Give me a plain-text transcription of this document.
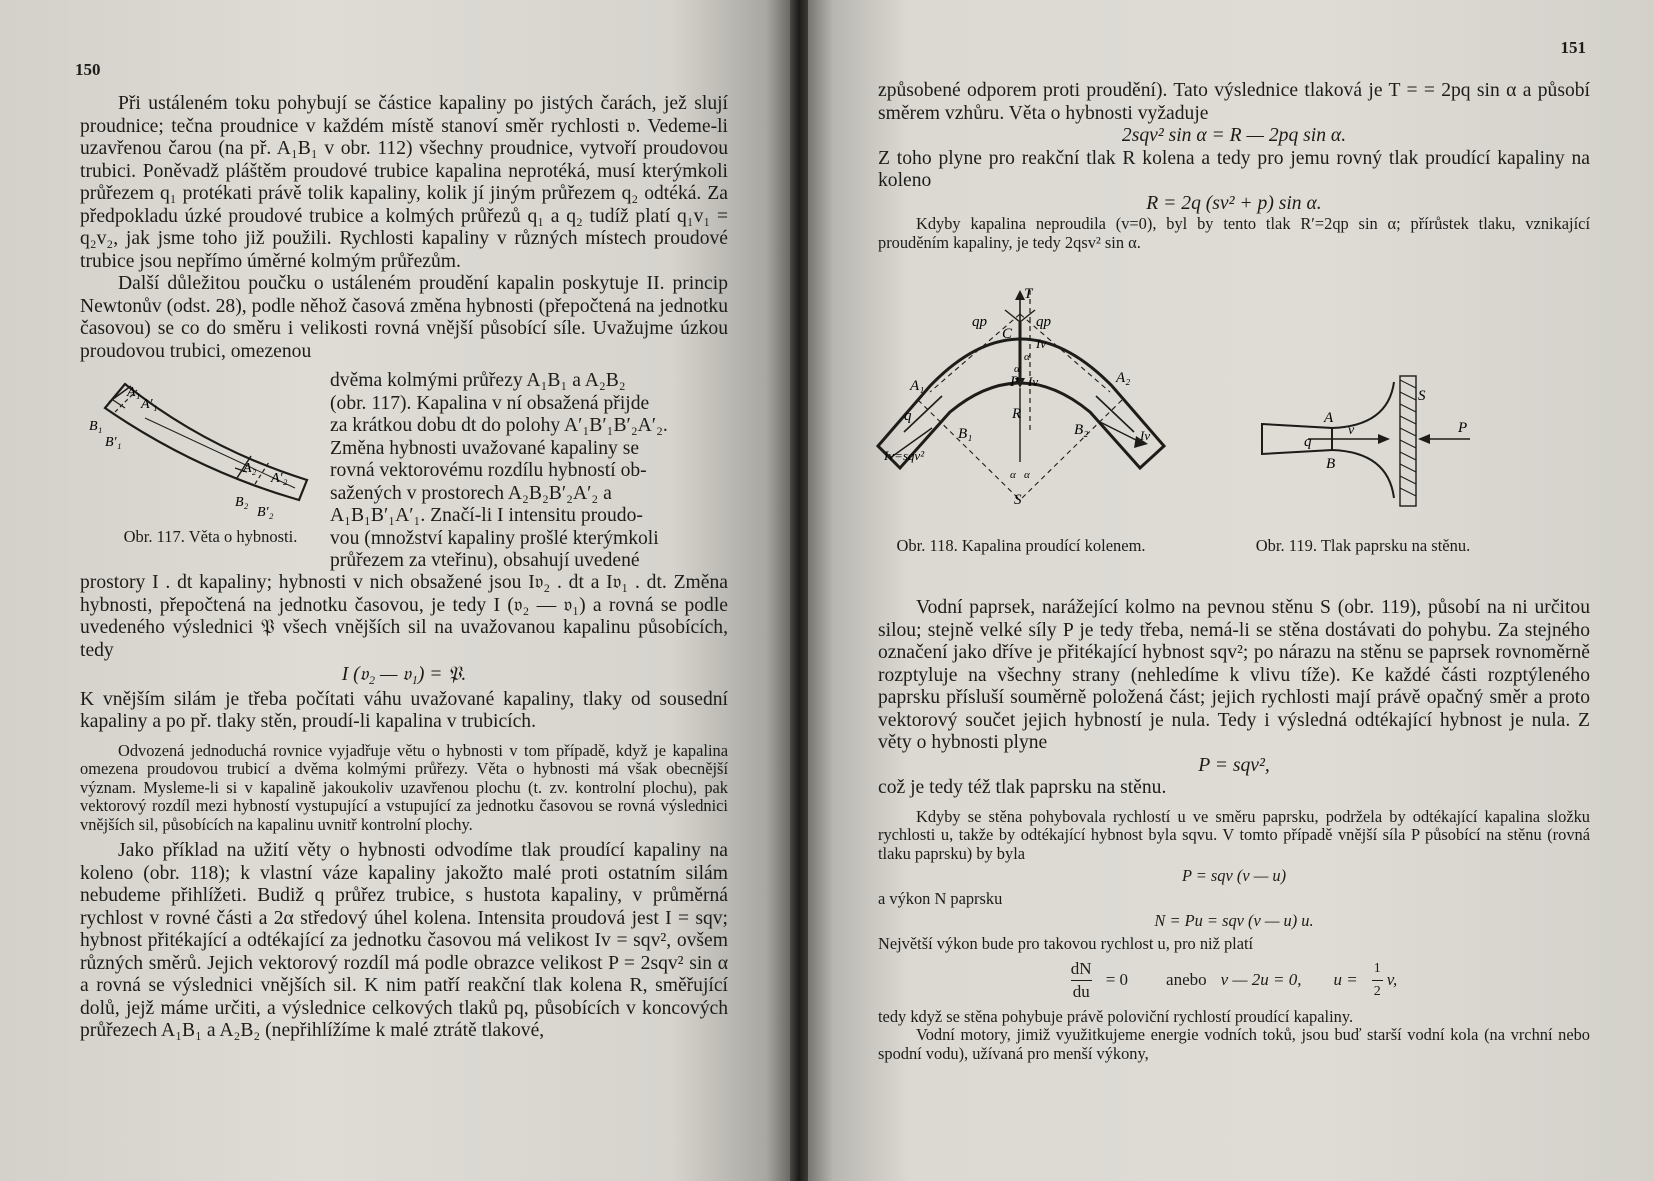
150

Při ustáleném toku pohybují se částice kapaliny po jistých čarách, jež slují proudnice; tečna proudnice v každém místě stanoví směr rychlosti 𝔳. Vedeme-li uzavřenou čarou (na př. A₁B₁ v obr. 112) všechny proudnice, vytvoří proudovou trubici. Poněvadž pláštěm proudové trubice kapalina neprotéká, musí kterýmkoli průřezem q₁ protékati právě tolik kapaliny, kolik jí jiným průřezem q₂ odtéká. Za předpokladu úzké proudové trubice a kolmých průřezů q₁ a q₂ tudíž platí q₁v₁ = q₂v₂, jak jsme toho již použili. Rychlosti kapaliny v různých místech proudové trubice jsou nepřímo úměrné kolmým průřezům.

Další důležitou poučku o ustáleném proudění kapalin poskytuje II. princip Newtonův (odst. 28), podle něhož časová změna hybnosti (přepočtená na jednotku časovou) se co do směru i velikosti rovná vnější působící síle. Uvažujme úzkou proudovou trubici, omezenou

A₁
A′₁
B₁
B′₁
A₂
A′₂
B₂
B′₂
Obr. 117. Věta o hybnosti.

dvěma kolmými průřezy A₁B₁ a A₂B₂

(obr. 117). Kapalina v ní obsažená přijde

za krátkou dobu dt do polohy A′₁B′₁B′₂A′₂.

Změna hybnosti uvažované kapaliny se

rovná vektorovému rozdílu hybností ob-

sažených v prostorech A₂B₂B′₂A′₂ a

A₁B₁B′₁A′₁. Značí-li I intensitu proudo-

vou (množství kapaliny prošlé kterýmkoli

průřezem za vteřinu), obsahují uvedené

prostory I . dt kapaliny; hybnosti v nich obsažené jsou I𝔳₂ . dt a I𝔳₁ . dt. Změna hybnosti, přepočtená na jednotku časovou, je tedy I (𝔳₂ — 𝔳₁) a rovná se podle uvedeného výslednici 𝔓 všech vnějších sil na uvažovanou kapalinu působících, tedy

I (𝔳₂ — 𝔳₁) = 𝔓.

K vnějším silám je třeba počítati váhu uvažované kapaliny, tlaky od sousední kapaliny a po př. tlaky stěn, proudí-li kapalina v trubicích.

Odvozená jednoduchá rovnice vyjadřuje větu o hybnosti v tom případě, když je kapalina omezena proudovou trubicí a dvěma kolmými průřezy. Věta o hybnosti má však obecnější význam. Mysleme-li si v kapalině jakoukoliv uzavřenou plochu (t. zv. kontrolní plochu), pak vektorový rozdíl mezi hybností vystupující a vstupující za jednotku časovou se rovná výslednici vnějších sil, působících na kapalinu uvnitř kontrolní plochy.

Jako příklad na užití věty o hybnosti odvodíme tlak proudící kapaliny na koleno (obr. 118); k vlastní váze kapaliny jakožto malé proti ostatním silám nebudeme přihlížeti. Budiž q průřez trubice, s hustota kapaliny, v průměrná rychlost v rovné části a 2α středový úhel kolena. Intensita proudová jest I = sqv; hybnost přitékající a odtékající za jednotku časovou má velikost Iv = sqv², ovšem různých směrů. Jejich vektorový rozdíl má podle obrazce velikost P = 2sqv² sin α a rovná se výslednici vnějších sil. K nim patří reakční tlak kolena R, směřující dolů, jejž máme určiti, a výslednice celkových tlaků pq, působících v koncových průřezech A₁B₁ a A₂B₂ (nepřihlížíme k malé ztrátě tlakové,

151

způsobené odporem proti proudění). Tato výslednice tlaková je T = = 2pq sin α a působí směrem vzhůru. Věta o hybnosti vyžaduje

2sqv² sin α = R — 2pq sin α.

Z toho plyne pro reakční tlak R kolena a tedy pro jemu rovný tlak proudící kapaliny na koleno

R = 2q (sv² + p) sin α.

Kdyby kapalina neproudila (v=0), byl by tento tlak R′=2qp sin α; přírůstek tlaku, vznikající prouděním kapaliny, je tedy 2qsv² sin α.

T
qp	qp
C
Iv
α
α
P Iv
A₁	A₂
q
B₁	B₂
R
Iv
Iv=sqv²
α α
S
Obr. 118. Kapalina proudící kolenem.
A
v
q
B
S
P
Obr. 119. Tlak paprsku na stěnu.

Vodní paprsek, narážející kolmo na pevnou stěnu S (obr. 119), působí na ni určitou silou; stejně velké síly P je tedy třeba, nemá-li se stěna dostávati do pohybu. Za stejného označení jako dříve je přitékající hybnost sqv²; po nárazu na stěnu se paprsek rovnoměrně rozptyluje na všechny strany (nehledíme k vlivu tíže). Ke každé části rozptýleného paprsku přísluší souměrně položená část; jejich rychlosti mají právě opačný směr a proto vektorový součet jejich hybností je nula. Tedy i výsledná odtékající hybnost je nula. Z věty o hybnosti plyne

P = sqv²,

což je tedy též tlak paprsku na stěnu.

Kdyby se stěna pohybovala rychlostí u ve směru paprsku, podržela by odtékající kapalina složku rychlosti u, takže by odtékající hybnost byla sqvu. V tomto případě vnější síla P působící na stěnu (rovná tlaku paprsku) by byla

P = sqv (v — u)

a výkon N paprsku

N = Pu = sqv (v — u) u.

Největší výkon bude pro takovou rychlost u, pro niž platí

$\frac{dN}{du} = 0$ anebo v — 2u = 0, $u = \frac{1}{2} v$,

tedy když se stěna pohybuje právě poloviční rychlostí proudící kapaliny.

Vodní motory, jimiž využitkujeme energie vodních toků, jsou buď starší vodní kola (na vrchní nebo spodní vodu), užívaná pro menší výkony,
